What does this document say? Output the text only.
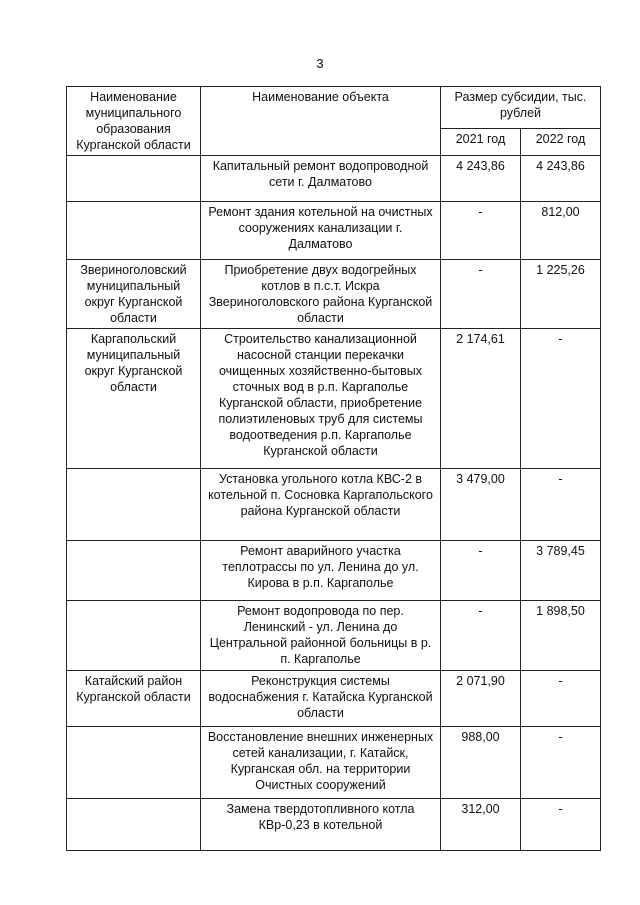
3
Наименование муниципального образования Курганской области	Наименование объекта	Размер субсидии, тыс. рублей	
		2021 год	2022 год
	Капитальный ремонт водопроводной сети г. Далматово	4 243,86	4 243,86
	Ремонт здания котельной на очистных сооружениях канализации г. Далматово	-	812,00
Звериноголовский муниципальный округ Курганской области	Приобретение двух водогрейных котлов в п.с.т. Искра Звериноголовского района Курганской области	-	1 225,26
Каргапольский муниципальный округ Курганской области	Строительство канализационной насосной станции перекачки очищенных хозяйственно-бытовых сточных вод в р.п. Каргаполье Курганской области, приобретение полиэтиленовых труб для системы водоотведения р.п. Каргаполье Курганской области	2 174,61	-
	Установка угольного котла КВС-2 в котельной п. Сосновка Каргапольского района Курганской области	3 479,00	-
	Ремонт аварийного участка теплотрассы по ул. Ленина до ул. Кирова в р.п. Каргаполье	-	3 789,45
	Ремонт водопровода по пер. Ленинский - ул. Ленина до Центральной районной больницы в р. п. Каргаполье	-	1 898,50
Катайский район Курганской области	Реконструкция системы водоснабжения г. Катайска Курганской области	2 071,90	-
	Восстановление внешних инженерных сетей канализации, г. Катайск, Курганская обл. на территории Очистных сооружений	988,00	-
	Замена твердотопливного котла КВр-0,23 в котельной	312,00	-
